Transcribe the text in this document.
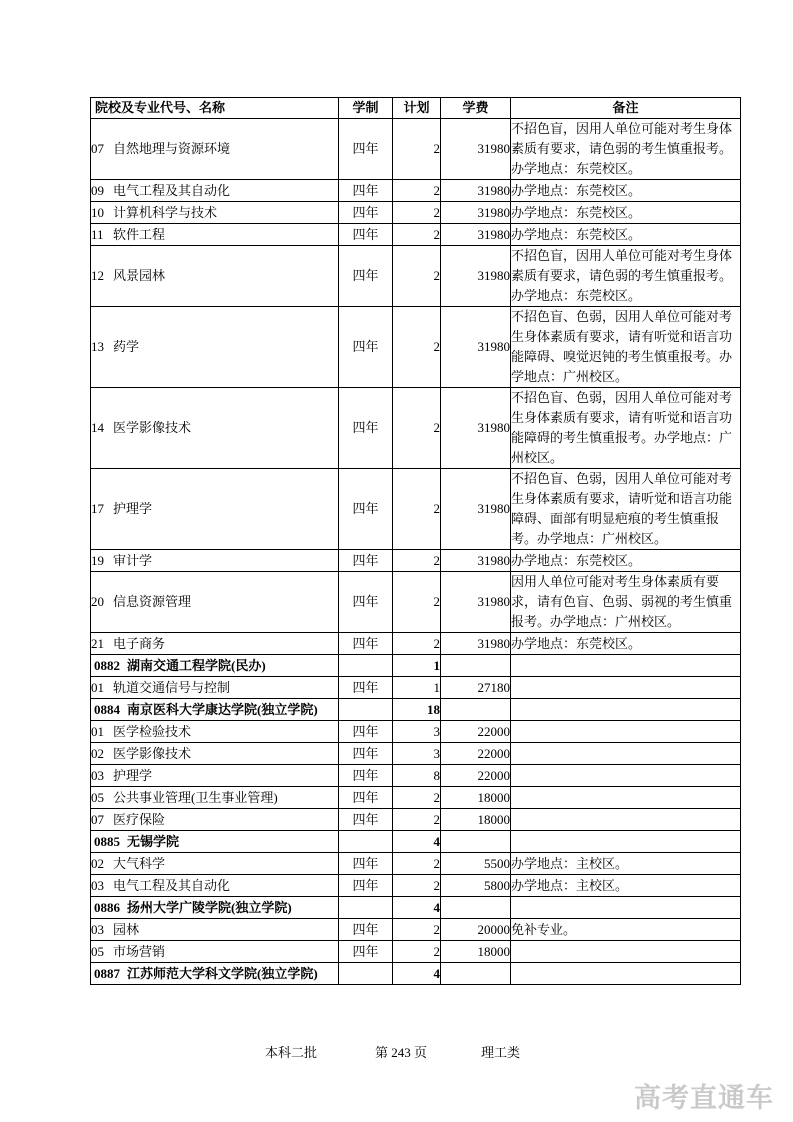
院校及专业代号、名称	学制	计划	学费	备注
07 自然地理与资源环境	四年	2	31980	不招色盲，因用人单位可能对考生身体素质有要求，请色弱的考生慎重报考。办学地点：东莞校区。
09 电气工程及其自动化	四年	2	31980	办学地点：东莞校区。
10 计算机科学与技术	四年	2	31980	办学地点：东莞校区。
11 软件工程	四年	2	31980	办学地点：东莞校区。
12 风景园林	四年	2	31980	不招色盲，因用人单位可能对考生身体素质有要求，请色弱的考生慎重报考。办学地点：东莞校区。
13 药学	四年	2	31980	不招色盲、色弱，因用人单位可能对考生身体素质有要求，请有听觉和语言功能障碍、嗅觉迟钝的考生慎重报考。办学地点：广州校区。
14 医学影像技术	四年	2	31980	不招色盲、色弱，因用人单位可能对考生身体素质有要求，请有听觉和语言功能障碍的考生慎重报考。办学地点：广州校区。
17 护理学	四年	2	31980	不招色盲、色弱，因用人单位可能对考生身体素质有要求，请听觉和语言功能障碍、面部有明显疤痕的考生慎重报考。办学地点：广州校区。
19 审计学	四年	2	31980	办学地点：东莞校区。
20 信息资源管理	四年	2	31980	因用人单位可能对考生身体素质有要求，请有色盲、色弱、弱视的考生慎重报考。办学地点：广州校区。
21 电子商务	四年	2	31980	办学地点：东莞校区。
0882 湖南交通工程学院(民办)		1		
01 轨道交通信号与控制	四年	1	27180	
0884 南京医科大学康达学院(独立学院)		18		
01 医学检验技术	四年	3	22000	
02 医学影像技术	四年	3	22000	
03 护理学	四年	8	22000	
05 公共事业管理(卫生事业管理)	四年	2	18000	
07 医疗保险	四年	2	18000	
0885 无锡学院		4		
02 大气科学	四年	2	5500	办学地点：主校区。
03 电气工程及其自动化	四年	2	5800	办学地点：主校区。
0886 扬州大学广陵学院(独立学院)		4		
03 园林	四年	2	20000	免补专业。
05 市场营销	四年	2	18000	
0887 江苏师范大学科文学院(独立学院)		4		
本科二批	第 243 页	理工类
高考直通车
